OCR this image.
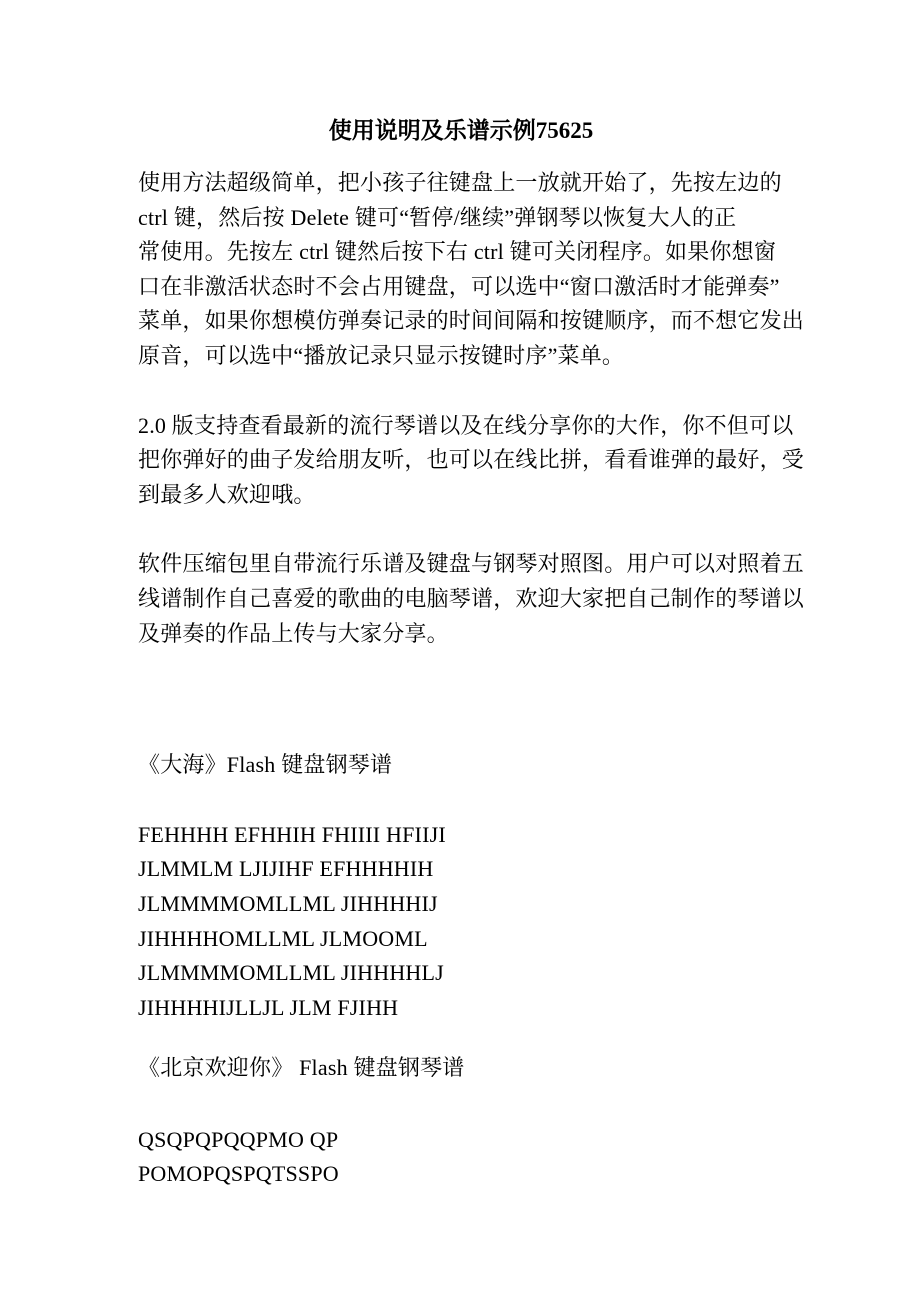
使用说明及乐谱示例75625
使用方法超级简单，把小孩子往键盘上一放就开始了，先按左边的
ctrl 键，然后按 Delete 键可“暂停/继续”弹钢琴以恢复大人的正
常使用。先按左 ctrl 键然后按下右 ctrl 键可关闭程序。如果你想窗
口在非激活状态时不会占用键盘，可以选中“窗口激活时才能弹奏”
菜单，如果你想模仿弹奏记录的时间间隔和按键顺序，而不想它发出
原音，可以选中“播放记录只显示按键时序”菜单。
2.0 版支持查看最新的流行琴谱以及在线分享你的大作，你不但可以
把你弹好的曲子发给朋友听，也可以在线比拼，看看谁弹的最好，受
到最多人欢迎哦。
软件压缩包里自带流行乐谱及键盘与钢琴对照图。用户可以对照着五
线谱制作自己喜爱的歌曲的电脑琴谱，欢迎大家把自己制作的琴谱以
及弹奏的作品上传与大家分享。
《大海》Flash 键盘钢琴谱
FEHHHH EFHHIH FHIIII HFIIJI
JLMMLM LJIJIHF EFHHHHIH
JLMMMMOMLLML JIHHHHIJ
JIHHHHOMLLML JLMOOML
JLMMMMOMLLML JIHHHHLJ
JIHHHHIJLLJL JLM FJIHH
《北京欢迎你》 Flash 键盘钢琴谱
QSQPQPQQPMO QP
POMOPQSPQTSSPO
